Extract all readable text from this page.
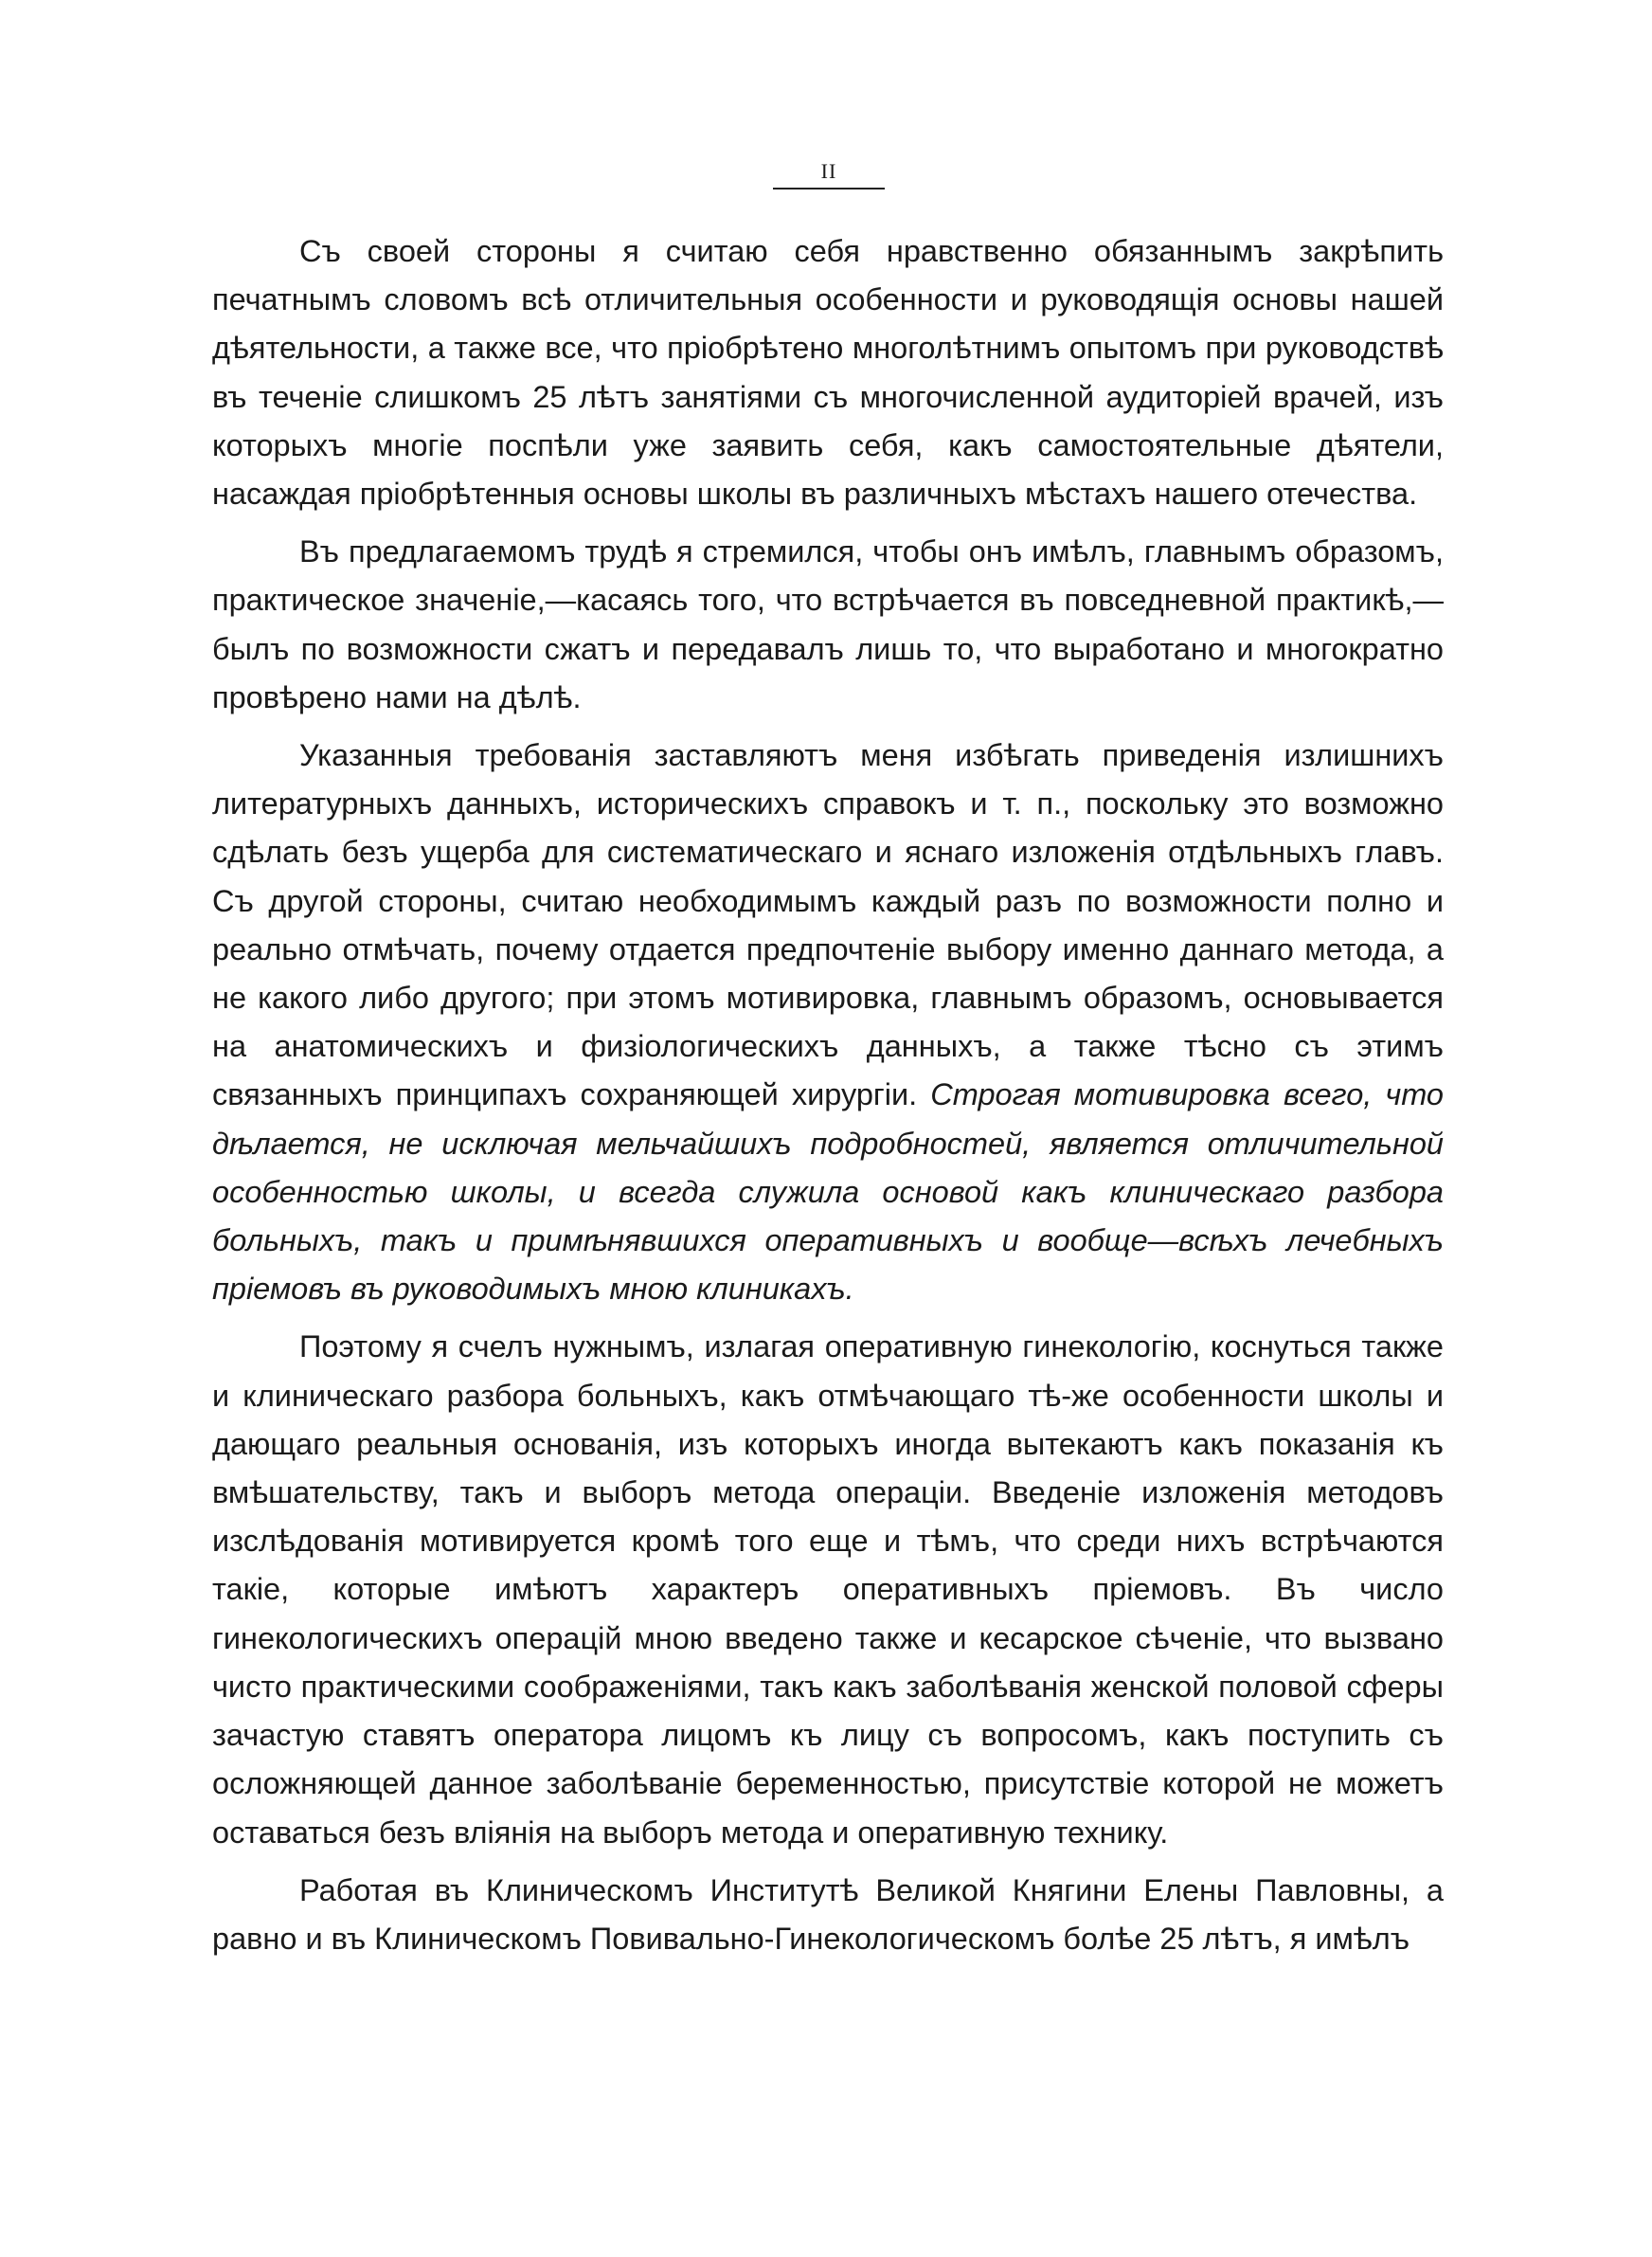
II

Съ своей стороны я считаю себя нравственно обязаннымъ закрѣпить печатнымъ словомъ всѣ отличительныя особенности и руководящія основы нашей дѣятельности, а также все, что пріобрѣтено многолѣтнимъ опытомъ при руководствѣ въ теченіе слишкомъ 25 лѣтъ занятіями съ многочисленной аудиторіей врачей, изъ которыхъ многіе поспѣли уже заявить себя, какъ самостоятельные дѣятели, насаждая пріобрѣтенныя основы школы въ различныхъ мѣстахъ нашего отечества.

Въ предлагаемомъ трудѣ я стремился, чтобы онъ имѣлъ, главнымъ образомъ, практическое значеніе,—касаясь того, что встрѣчается въ повседневной практикѣ,—былъ по возможности сжатъ и передавалъ лишь то, что выработано и многократно провѣрено нами на дѣлѣ.

Указанныя требованія заставляютъ меня избѣгать приведенія излишнихъ литературныхъ данныхъ, историческихъ справокъ и т. п., поскольку это возможно сдѣлать безъ ущерба для систематическаго и яснаго изложенія отдѣльныхъ главъ. Съ другой стороны, считаю необходимымъ каждый разъ по возможности полно и реально отмѣчать, почему отдается предпочтеніе выбору именно даннаго метода, а не какого либо другого; при этомъ мотивировка, главнымъ образомъ, основывается на анатомическихъ и физіологическихъ данныхъ, а также тѣсно съ этимъ связанныхъ принципахъ сохраняющей хирургіи. Строгая мотивировка всего, что дѣлается, не исключая мельчайшихъ подробностей, является отличительной особенностью школы, и всегда служила основой какъ клиническаго разбора больныхъ, такъ и примѣнявшихся оперативныхъ и вообще—всѣхъ лечебныхъ пріемовъ въ руководимыхъ мною клиникахъ.

Поэтому я счелъ нужнымъ, излагая оперативную гинекологію, коснуться также и клиническаго разбора больныхъ, какъ отмѣчающаго тѣ-же особенности школы и дающаго реальныя основанія, изъ которыхъ иногда вытекаютъ какъ показанія къ вмѣшательству, такъ и выборъ метода операціи. Введеніе изложенія методовъ изслѣдованія мотивируется кромѣ того еще и тѣмъ, что среди нихъ встрѣчаются такіе, которые имѣютъ характеръ оперативныхъ пріемовъ. Въ число гинекологическихъ операцій мною введено также и кесарское сѣченіе, что вызвано чисто практическими соображеніями, такъ какъ заболѣванія женской половой сферы зачастую ставятъ оператора лицомъ къ лицу съ вопросомъ, какъ поступить съ осложняющей данное заболѣваніе беременностью, присутствіе которой не можетъ оставаться безъ вліянія на выборъ метода и оперативную технику.

Работая въ Клиническомъ Институтѣ Великой Княгини Елены Павловны, а равно и въ Клиническомъ Повивально-Гинекологическомъ болѣе 25 лѣтъ, я имѣлъ
